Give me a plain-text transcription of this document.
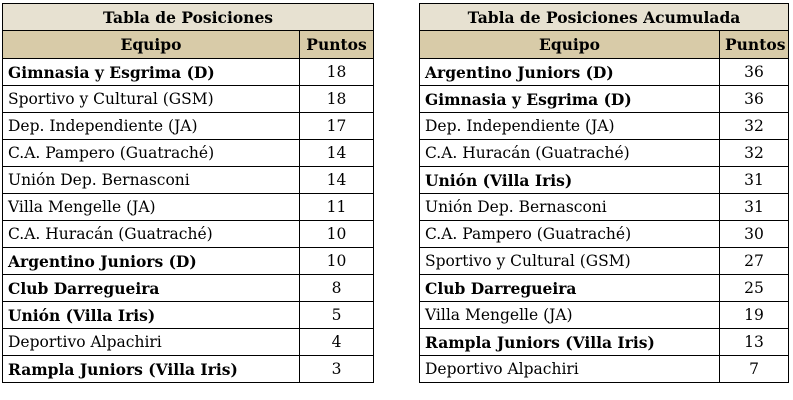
Tabla de Posiciones	
Equipo	Puntos
Gimnasia y Esgrima (D)	18
Sportivo y Cultural (GSM)	18
Dep. Independiente (JA)	17
C.A. Pampero (Guatraché)	14
Unión Dep. Bernasconi	14
Villa Mengelle (JA)	11
C.A. Huracán (Guatraché)	10
Argentino Juniors (D)	10
Club Darregueira	8
Unión (Villa Iris)	5
Deportivo Alpachiri	4
Rampla Juniors (Villa Iris)	3
Tabla de Posiciones Acumulada	
Equipo	Puntos
Argentino Juniors (D)	36
Gimnasia y Esgrima (D)	36
Dep. Independiente (JA)	32
C.A. Huracán (Guatraché)	32
Unión (Villa Iris)	31
Unión Dep. Bernasconi	31
C.A. Pampero (Guatraché)	30
Sportivo y Cultural (GSM)	27
Club Darregueira	25
Villa Mengelle (JA)	19
Rampla Juniors (Villa Iris)	13
Deportivo Alpachiri	7
